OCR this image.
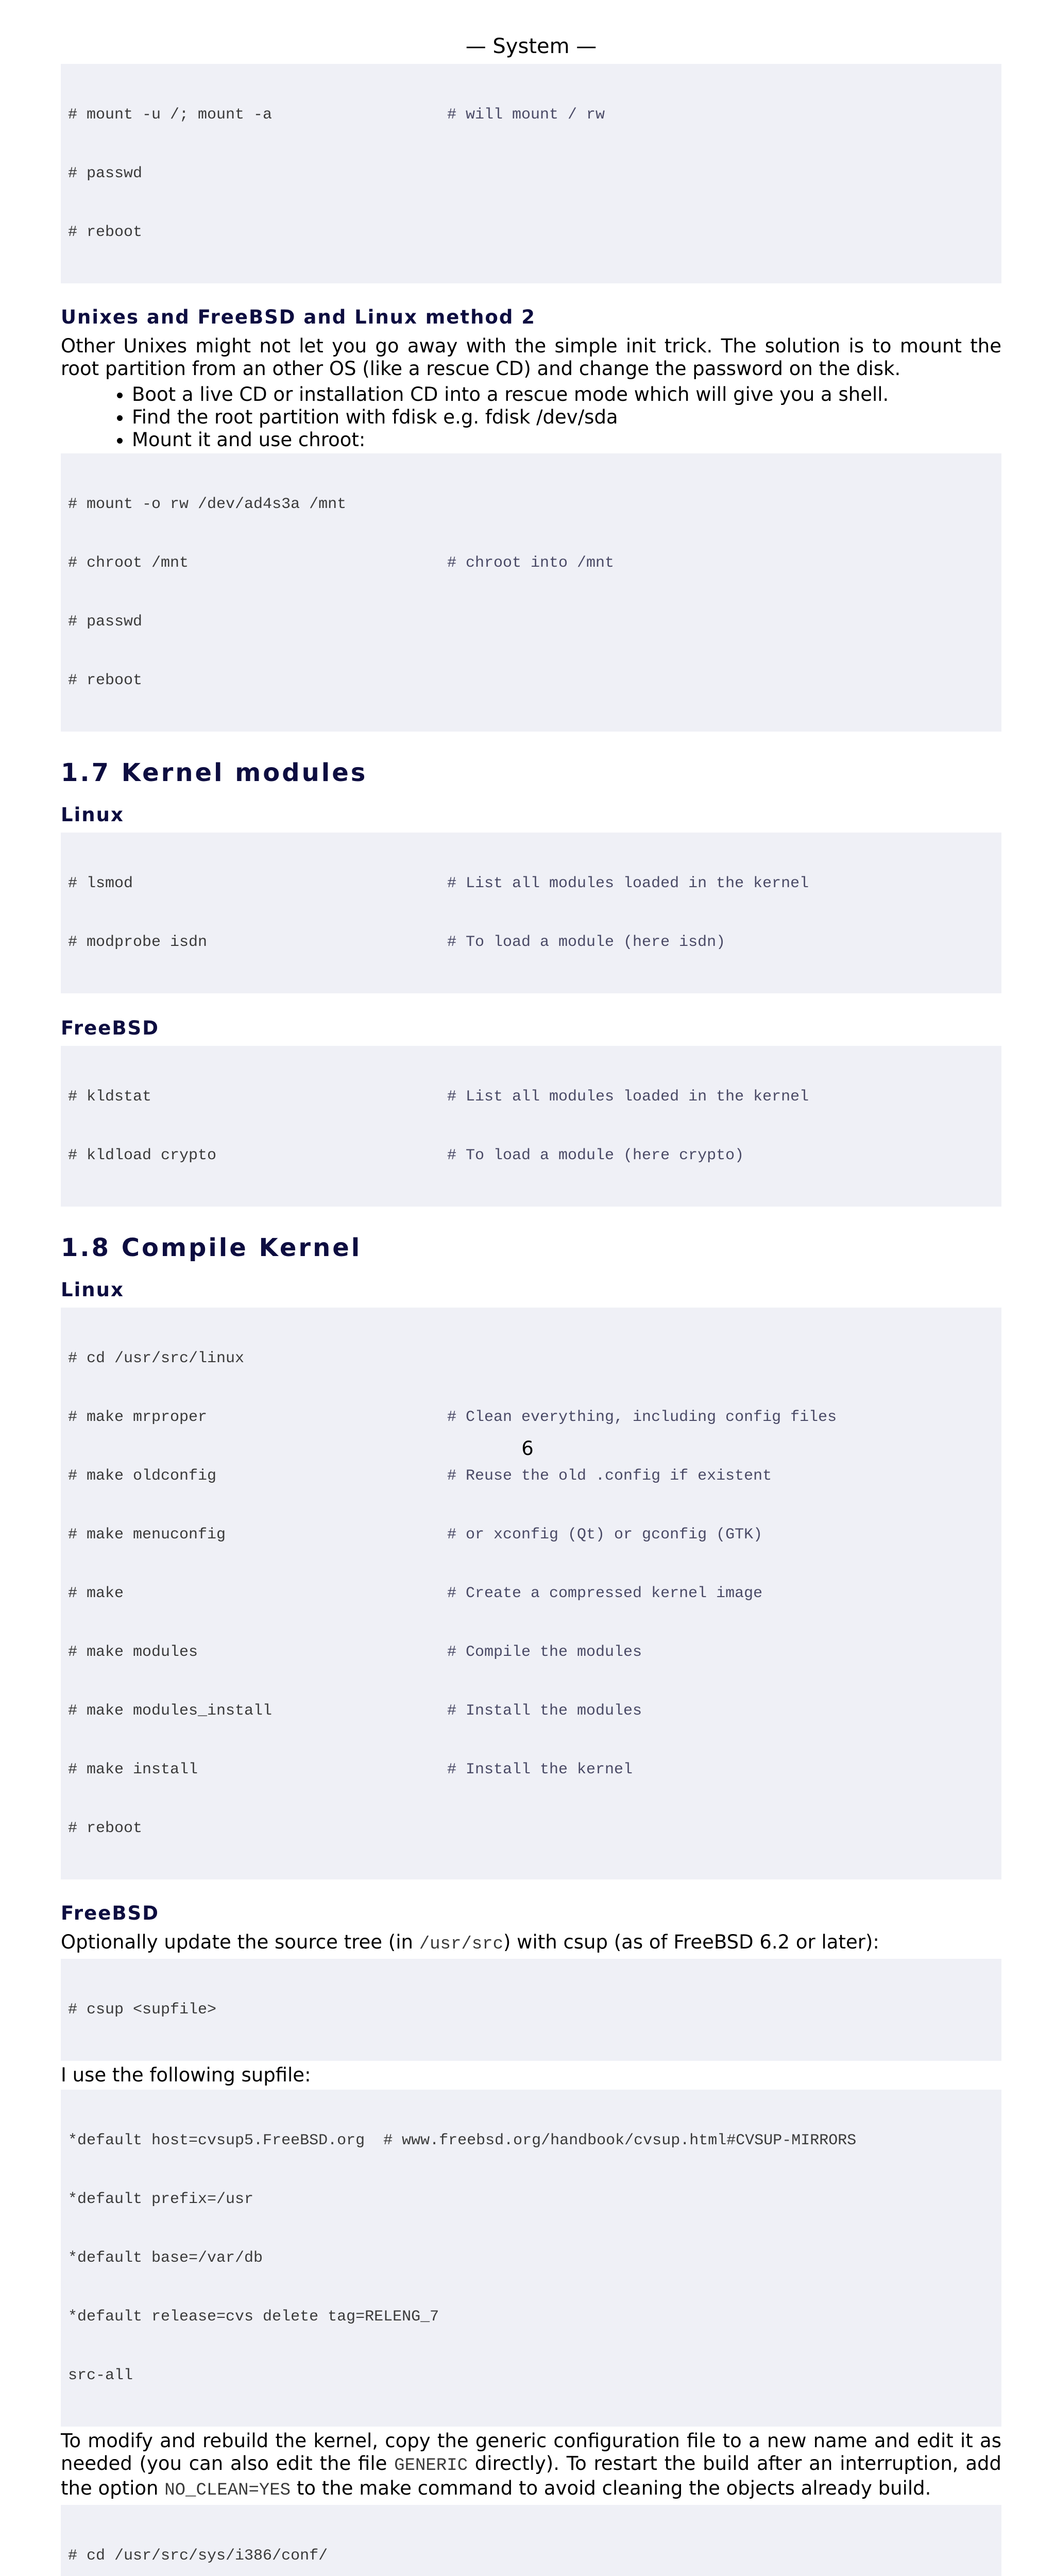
— System —

# mount -u /; mount -a	# will mount / rw

# passwd

# reboot

Unixes and FreeBSD and Linux method 2

Other Unixes might not let you go away with the simple init trick. The solution is to mount the root partition from an other OS (like a rescue CD) and change the password on the disk.

• Boot a live CD or installation CD into a rescue mode which will give you a shell.
• Find the root partition with fdisk e.g. fdisk /dev/sda
• Mount it and use chroot:

# mount -o rw /dev/ad4s3a /mnt

# chroot /mnt	# chroot into /mnt

# passwd

# reboot

1.7 Kernel modules
Linux

# lsmod	# List all modules loaded in the kernel

# modprobe isdn	# To load a module (here isdn)

FreeBSD

# kldstat	# List all modules loaded in the kernel

# kldload crypto	# To load a module (here crypto)

1.8 Compile Kernel
Linux

# cd /usr/src/linux

# make mrproper	# Clean everything, including config files

# make oldconfig	# Reuse the old .config if existent

# make menuconfig	# or xconfig (Qt) or gconfig (GTK)

# make	# Create a compressed kernel image

# make modules	# Compile the modules

# make modules_install	# Install the modules

# make install	# Install the kernel

# reboot

FreeBSD

Optionally update the source tree (in /usr/src) with csup (as of FreeBSD 6.2 or later):

# csup <supfile>

I use the following supfile:

*default host=cvsup5.FreeBSD.org  # www.freebsd.org/handbook/cvsup.html#CVSUP-MIRRORS

*default prefix=/usr

*default base=/var/db

*default release=cvs delete tag=RELENG_7

src-all

To modify and rebuild the kernel, copy the generic configuration file to a new name and edit it as needed (you can also edit the file GENERIC directly). To restart the build after an interruption, add the option NO_CLEAN=YES to the make command to avoid cleaning the objects already build.

# cd /usr/src/sys/i386/conf/

6
